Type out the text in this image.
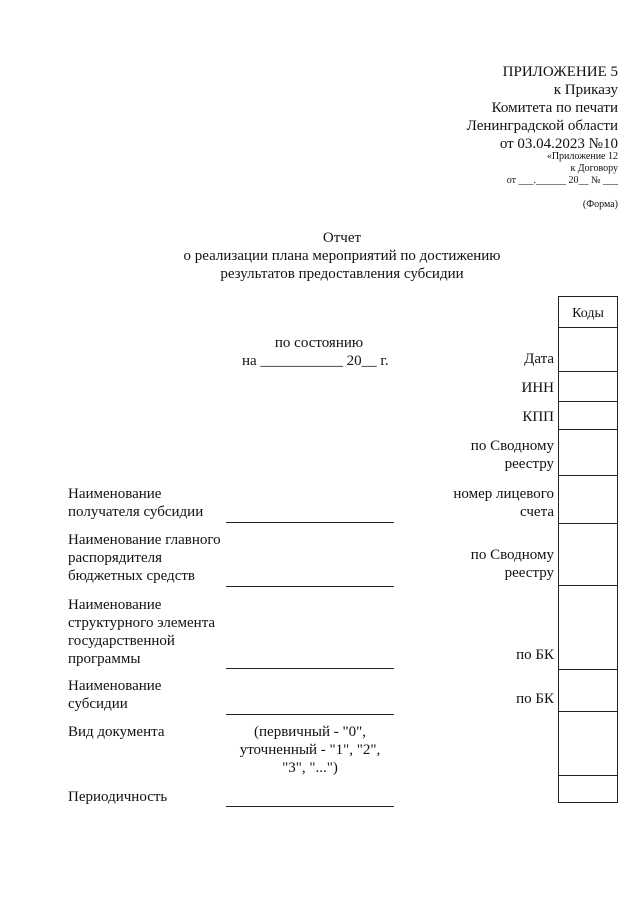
ПРИЛОЖЕНИЕ 5
к Приказу
Комитета по печати
Ленинградской области
от 03.04.2023 №10
«Приложение 12
к Договору
от ___.______ 20__ № ___
(Форма)
Отчет
о реализации плана мероприятий по достижению
результатов предоставления субсидии
по состоянию
на ___________ 20__ г.
Коды
Дата
ИНН
КПП
по Сводному
реестру
номер лицевого
счета
по Сводному
реестру
по БК
по БК
Наименование
получателя субсидии
Наименование главного
распорядителя
бюджетных средств
Наименование
структурного элемента
государственной
программы
Наименование
субсидии
Вид документа	(первичный - "0",
уточненный - "1", "2",
"3", "...")
Периодичность
